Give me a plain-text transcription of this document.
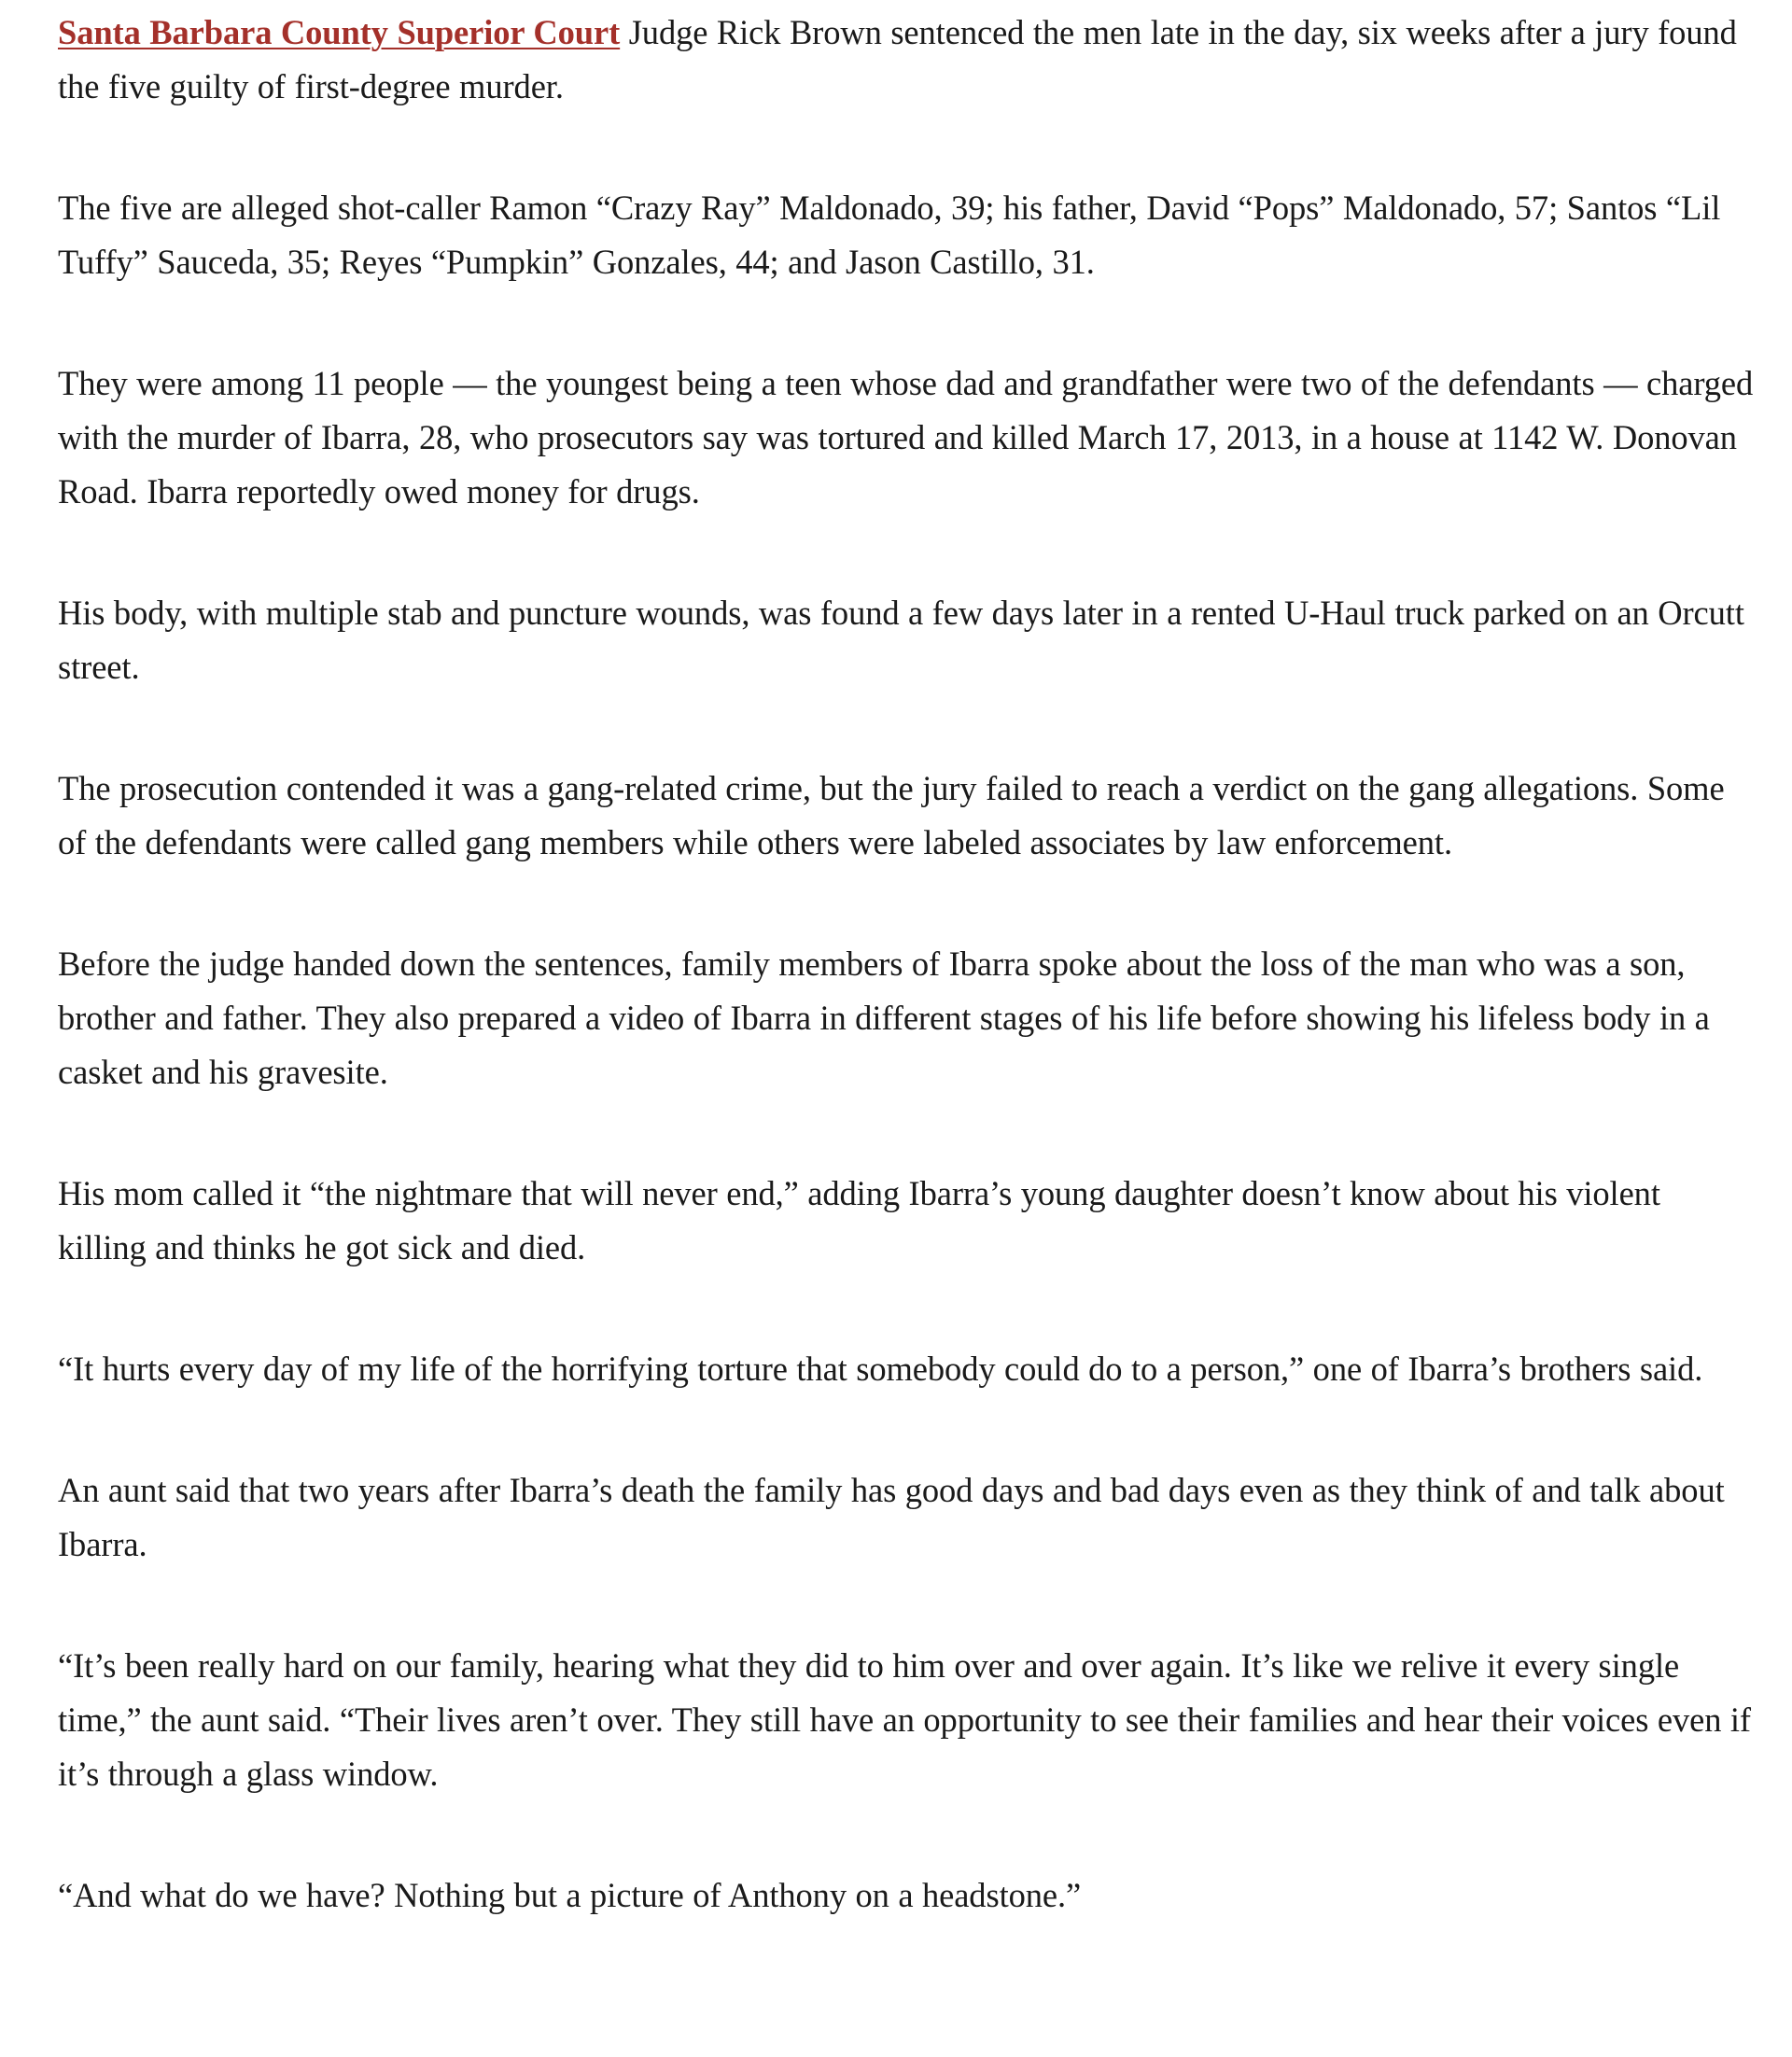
Santa Barbara County Superior Court Judge Rick Brown sentenced the men late in the day, six weeks after a jury found the five guilty of first-degree murder.

The five are alleged shot-caller Ramon “Crazy Ray” Maldonado, 39; his father, David “Pops” Maldonado, 57; Santos “Lil Tuffy” Sauceda, 35; Reyes “Pumpkin” Gonzales, 44; and Jason Castillo, 31.

They were among 11 people — the youngest being a teen whose dad and grandfather were two of the defendants — charged with the murder of Ibarra, 28, who prosecutors say was tortured and killed March 17, 2013, in a house at 1142 W. Donovan Road. Ibarra reportedly owed money for drugs.

His body, with multiple stab and puncture wounds, was found a few days later in a rented U-Haul truck parked on an Orcutt street.

The prosecution contended it was a gang-related crime, but the jury failed to reach a verdict on the gang allegations. Some of the defendants were called gang members while others were labeled associates by law enforcement.

Before the judge handed down the sentences, family members of Ibarra spoke about the loss of the man who was a son, brother and father. They also prepared a video of Ibarra in different stages of his life before showing his lifeless body in a casket and his gravesite.

His mom called it “the nightmare that will never end,” adding Ibarra’s young daughter doesn’t know about his violent killing and thinks he got sick and died.

“It hurts every day of my life of the horrifying torture that somebody could do to a person,” one of Ibarra’s brothers said.

An aunt said that two years after Ibarra’s death the family has good days and bad days even as they think of and talk about Ibarra.

“It’s been really hard on our family, hearing what they did to him over and over again. It’s like we relive it every single time,” the aunt said. “Their lives aren’t over. They still have an opportunity to see their families and hear their voices even if it’s through a glass window.

“And what do we have? Nothing but a picture of Anthony on a headstone.”
